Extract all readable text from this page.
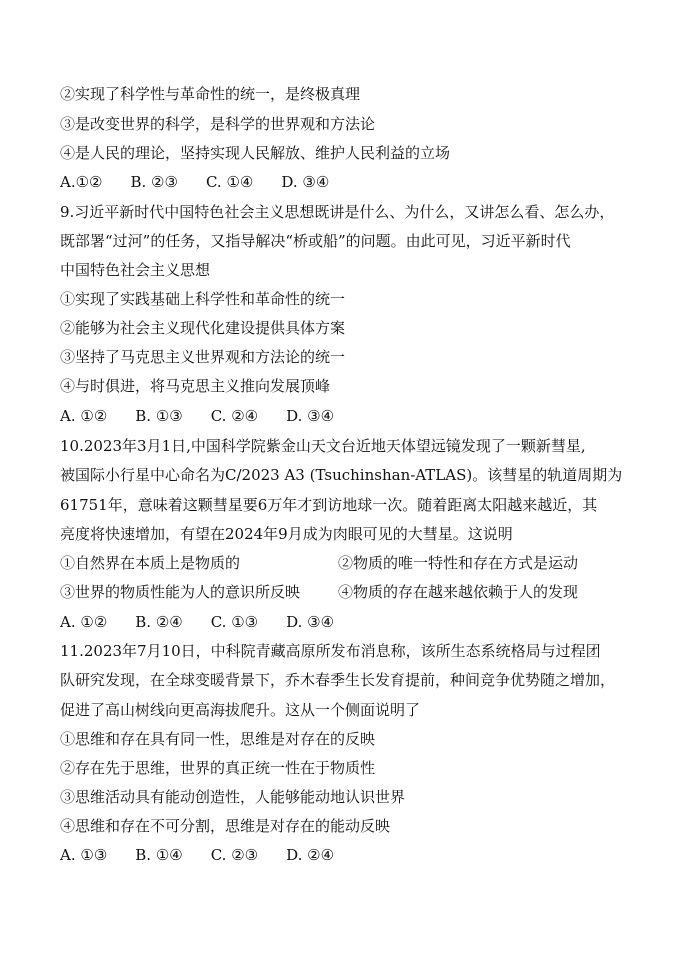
②实现了科学性与革命性的统一，是终极真理
③是改变世界的科学，是科学的世界观和方法论
④是人民的理论，坚持实现人民解放、维护人民利益的立场
A.①② B. ②③ C. ①④ D. ③④
9.习近平新时代中国特色社会主义思想既讲是什么、为什么，又讲怎么看、怎么办，
既部署“过河”的任务，又指导解决“桥或船”的问题。由此可见，习近平新时代
中国特色社会主义思想
①实现了实践基础上科学性和革命性的统一
②能够为社会主义现代化建设提供具体方案
③坚持了马克思主义世界观和方法论的统一
④与时俱进，将马克思主义推向发展顶峰
A. ①② B. ①③ C. ②④ D. ③④
10.2023年3月1日,中国科学院紫金山天文台近地天体望远镜发现了一颗新彗星,
被国际小行星中心命名为C/2023 A3 (Tsuchinshan-ATLAS)。该彗星的轨道周期为
61751年，意味着这颗彗星要6万年才到访地球一次。随着距离太阳越来越近，其
亮度将快速增加，有望在2024年9月成为肉眼可见的大彗星。这说明
①自然界在本质上是物质的	②物质的唯一特性和存在方式是运动
③世界的物质性能为人的意识所反映	④物质的存在越来越依赖于人的发现
A. ①② B. ②④ C. ①③ D. ③④
11.2023年7月10日，中科院青藏高原所发布消息称，该所生态系统格局与过程团
队研究发现，在全球变暖背景下，乔木春季生长发育提前，种间竞争优势随之增加，
促进了高山树线向更高海拔爬升。这从一个侧面说明了
①思维和存在具有同一性，思维是对存在的反映
②存在先于思维，世界的真正统一性在于物质性
③思维活动具有能动创造性，人能够能动地认识世界
④思维和存在不可分割，思维是对存在的能动反映
A. ①③ B. ①④ C. ②③ D. ②④
